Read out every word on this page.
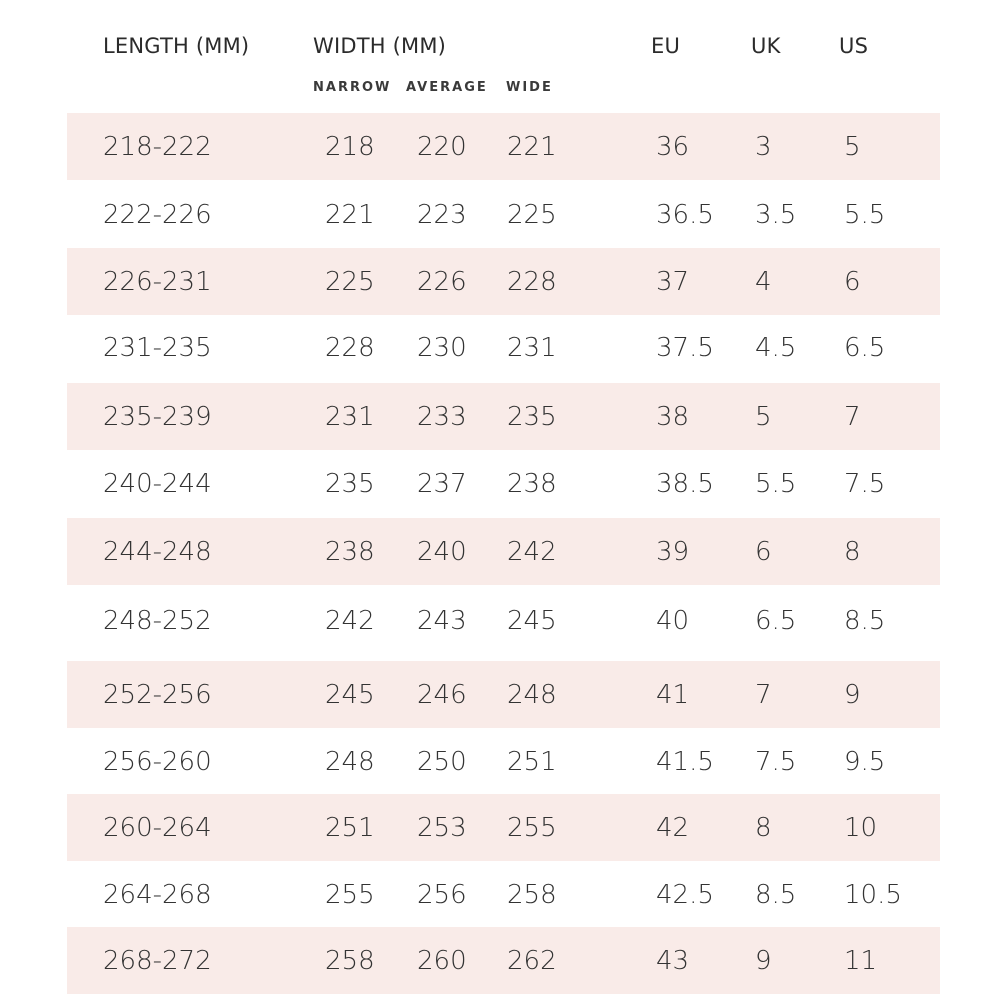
LENGTH (MM)	WIDTH (MM)	EU	UK	US
NARROW AVERAGE WIDE
218-222	218 220 221	36	3	5
222-226	221 223 225	36.5 3.5 5.5
226-231	225 226 228	37	4	6
231-235	228 230 231	37.5 4.5 6.5
235-239	231 233 235	38	5	7
240-244	235 237 238	38.5 5.5 7.5
244-248	238 240 242	39	6	8
248-252	242 243 245	40	6.5 8.5
252-256	245 246 248	41	7	9
256-260	248 250 251	41.5 7.5 9.5
260-264	251 253 255	42	8	10
264-268	255 256 258	42.5 8.5 10.5
268-272	258 260 262	43	9	11
